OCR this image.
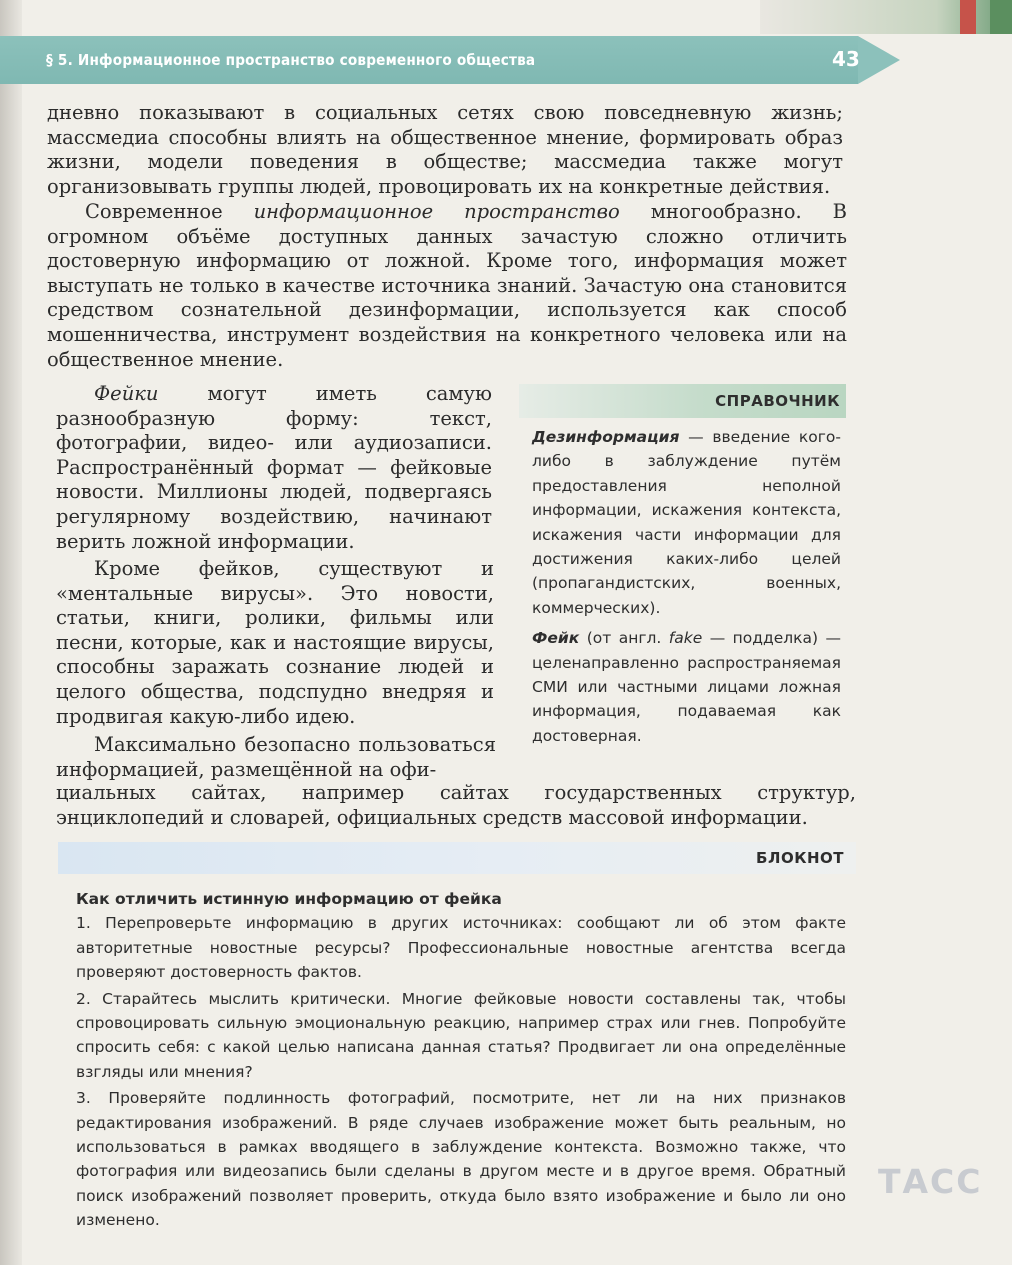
§ 5. Информационное пространство современного общества	43

дневно показывают в социальных сетях свою повседневную жизнь; массмедиа способны влиять на общественное мнение, формировать образ жизни, модели поведения в обществе; массмедиа также могут организовывать группы людей, провоцировать их на конкретные действия.

Современное информационное пространство многообразно. В огромном объёме доступных данных зачастую сложно отличить достоверную информацию от ложной. Кроме того, информация может выступать не только в качестве источника знаний. Зачастую она становится средством сознательной дезинформации, используется как способ мошенничества, инструмент воздействия на конкретного человека или на общественное мнение.

Фейки могут иметь самую разнообразную форму: текст, фотографии, видео- или аудиозаписи. Распространённый формат — фейковые новости. Миллионы людей, подвергаясь регулярному воздействию, начинают верить ложной информации.

Кроме фейков, существуют и «ментальные вирусы». Это новости, статьи, книги, ролики, фильмы или песни, которые, как и настоящие вирусы, способны заражать сознание людей и целого общества, подспудно внедряя и продвигая какую-либо идею.

Максимально безопасно пользоваться информацией, размещённой на офи-

циальных сайтах, например сайтах государственных структур, энциклопедий и словарей, официальных средств массовой информации.

СПРАВОЧНИК

Дезинформация — введение кого-либо в заблуждение путём предоставления неполной информации, искажения контекста, искажения части информации для достижения каких-либо целей (пропагандистских, военных, коммерческих).

Фейк (от англ. fake — подделка) — целенаправленно распространяемая СМИ или частными лицами ложная информация, подаваемая как достоверная.

БЛОКНОТ

Как отличить истинную информацию от фейка

1. Перепроверьте информацию в других источниках: сообщают ли об этом факте авторитетные новостные ресурсы? Профессиональные новостные агентства всегда проверяют достоверность фактов.

2. Старайтесь мыслить критически. Многие фейковые новости составлены так, чтобы спровоцировать сильную эмоциональную реакцию, например страх или гнев. Попробуйте спросить себя: с какой целью написана данная статья? Продвигает ли она определённые взгляды или мнения?

3. Проверяйте подлинность фотографий, посмотрите, нет ли на них признаков редактирования изображений. В ряде случаев изображение может быть реальным, но использоваться в рамках вводящего в заблуждение контекста. Возможно также, что фотография или видеозапись были сделаны в другом месте и в другое время. Обратный поиск изображений позволяет проверить, откуда было взято изображение и было ли оно изменено.

ТАСС
